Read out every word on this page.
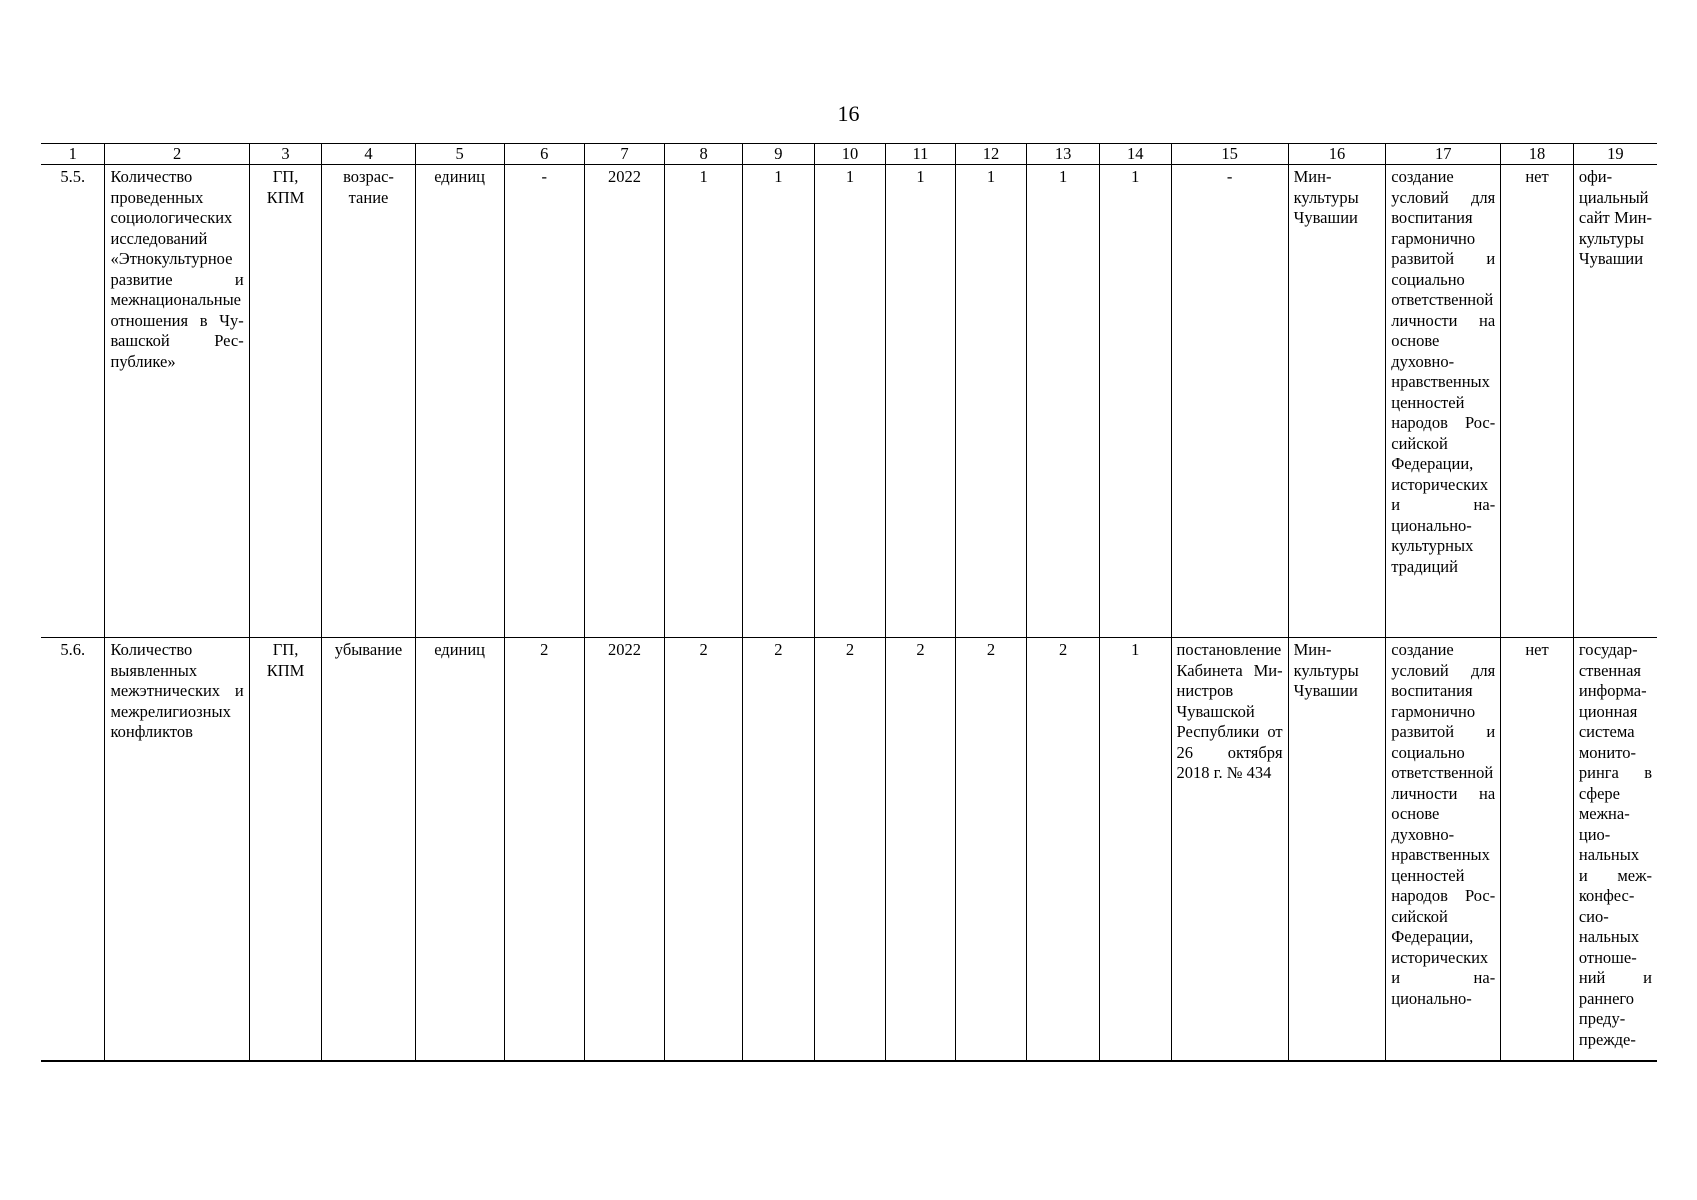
16
1	2	3	4	5	6	7	8	9	10	11	12	13	14	15	16	17	18	19
5.5.	Количество проведенных социологических исследований «Этнокультурное развитие и межнациональные отношения в Чувашской Республике»	ГП, КПМ	возрастание	единиц	-	2022	1	1	1	1	1	1	1	-	Минкультуры Чувашии	создание условий для воспитания гармонично развитой и социально ответственной личности на основе духовно-нравственных ценностей народов Российской Федерации, исторических и национально-культурных традиций	нет	официальный сайт Минкультуры Чувашии
5.6.	Количество выявленных межэтнических и межрелигиозных конфликтов	ГП, КПМ	убывание	единиц	2	2022	2	2	2	2	2	2	1	постановление Кабинета Министров Чувашской Республики от 26 октября 2018 г. № 434	Минкультуры Чувашии	создание условий для воспитания гармонично развитой и социально ответственной личности на основе духовно-нравственных ценностей народов Российской Федерации, исторических и национально-	нет	государственная информационная система мониторинга в сфере межнациональных и межконфессиональных отношений и раннего предупрежде-
